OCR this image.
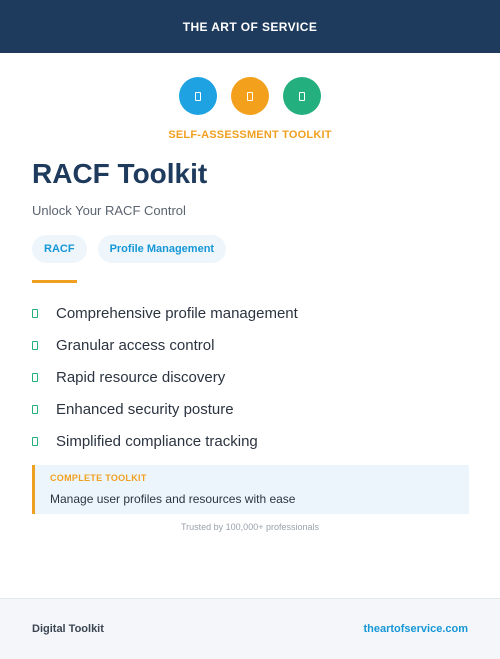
THE ART OF SERVICE
SELF-ASSESSMENT TOOLKIT
RACF Toolkit
Unlock Your RACF Control
RACF	Profile Management
Comprehensive profile management
Granular access control
Rapid resource discovery
Enhanced security posture
Simplified compliance tracking
COMPLETE TOOLKIT
Manage user profiles and resources with ease
Trusted by 100,000+ professionals
Digital Toolkit	theartofservice.com
